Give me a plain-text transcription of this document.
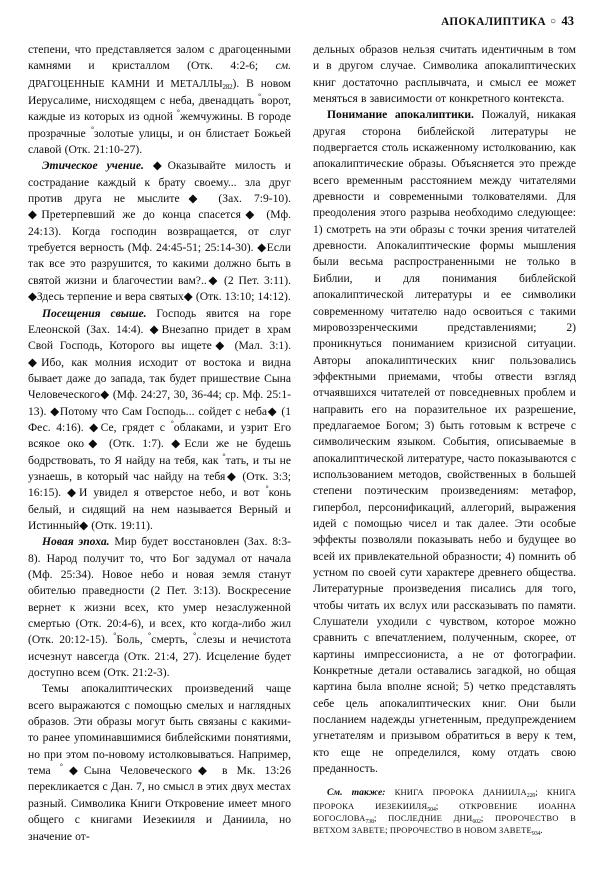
АПОКАЛИПТИКА ○ 43

степени, что представляется залом с драгоценными камнями и кристаллом (Отк. 4:2-6; см. ДРАГОЦЕННЫЕ КАМНИ И $МЕТАЛЛЫ_{282}$). В новом Иерусалиме, нисходящем с неба, двенадцать °ворот, каждые из которых из одной °жемчужины. В городе прозрачные °золотые улицы, и он блистает Божьей славой (Отк. 21:10-27).

Этическое учение. ◆Оказывайте милость и сострадание каждый к брату своему... зла друг против друга не мыслите◆ (Зах. 7:9-10). ◆Претерпевший же до конца спасется◆ (Мф. 24:13). Когда господин возвращается, от слуг требуется верность (Мф. 24:45-51; 25:14-30). ◆Если так все это разрушится, то какими должно быть в святой жизни и благочестии вам?..◆ (2 Пет. 3:11). ◆Здесь терпение и вера святых◆ (Отк. 13:10; 14:12).

Посещения свыше. Господь явится на горе Елеонской (Зах. 14:4). ◆Внезапно придет в храм Свой Господь, Которого вы ищете◆ (Мал. 3:1). ◆Ибо, как молния исходит от востока и видна бывает даже до запада, так будет пришествие Сына Человеческого◆ (Мф. 24:27, 30, 36-44; ср. Мф. 25:1-13). ◆Потому что Сам Господь... сойдет с неба◆ (1 Фес. 4:16). ◆Се, грядет с °облаками, и узрит Его всякое око◆ (Отк. 1:7). ◆Если же не будешь бодрствовать, то Я найду на тебя, как °тать, и ты не узнаешь, в который час найду на тебя◆ (Отк. 3:3; 16:15). ◆И увидел я отверстое небо, и вот °конь белый, и сидящий на нем называется Верный и Истинный◆ (Отк. 19:11).

Новая эпоха. Мир будет восстановлен (Зах. 8:3-8). Народ получит то, что Бог задумал от начала (Мф. 25:34). Новое небо и новая земля станут обителью праведности (2 Пет. 3:13). Воскресение вернет к жизни всех, кто умер незаслуженной смертью (Отк. 20:4-6), и всех, кто когда-либо жил (Отк. 20:12-15). °Боль, °смерть, °слезы и нечистота исчезнут навсегда (Отк. 21:4, 27). Исцеление будет доступно всем (Отк. 21:2-3).

Темы апокалиптических произведений чаще всего выражаются с помощью смелых и наглядных образов. Эти образы могут быть связаны с какими-то ранее упоминавшимися библейскими понятиями, но при этом по-новому истолковываться. Например, тема °◆Сына Человеческого◆ в Мк. 13:26 перекликается с Дан. 7, но смысл в этих двух местах разный. Символика Книги Откровение имеет много общего с книгами Иезекииля и Даниила, но значение от-

дельных образов нельзя считать идентичным в том и в другом случае. Символика апокалиптических книг достаточно расплывчата, и смысл ее может меняться в зависимости от конкретного контекста.

Понимание апокалиптики. Пожалуй, никакая другая сторона библейской литературы не подвергается столь искаженному истолкованию, как апокалиптические образы. Объясняется это прежде всего временным расстоянием между читателями древности и современными толкователями. Для преодоления этого разрыва необходимо следующее: 1) смотреть на эти образы с точки зрения читателей древности. Апокалиптические формы мышления были весьма распространенными не только в Библии, и для понимания библейской апокалиптической литературы и ее символики современному читателю надо освоиться с такими мировоззренческими представлениями; 2) проникнуться пониманием кризисной ситуации. Авторы апокалиптических книг пользовались эффектными приемами, чтобы отвести взгляд отчаявшихся читателей от повседневных проблем и направить его на поразительное их разрешение, предлагаемое Богом; 3) быть готовым к встрече с символическим языком. События, описываемые в апокалиптической литературе, часто показываются с использованием методов, свойственных в большей степени поэтическим произведениям: метафор, гипербол, персонификаций, аллегорий, выражения идей с помощью чисел и так далее. Эти особые эффекты позволяли показывать небо и будущее во всей их привлекательной образности; 4) помнить об устном по своей сути характере древнего общества. Литературные произведения писались для того, чтобы читать их вслух или рассказывать по памяти. Слушатели уходили с чувством, которое можно сравнить с впечатлением, полученным, скорее, от картины импрессиониста, а не от фотографии. Конкретные детали оставались загадкой, но общая картина была вполне ясной; 5) четко представлять себе цель апокалиптических книг. Они были посланием надежды угнетенным, предупреждением угнетателям и призывом обратиться в веру к тем, кто еще не определился, кому отдать свою преданность.

См. также: КНИГА ПРОРОКА $ДАНИИЛА_{220}$; КНИГА ПРОРОКА $ИЕЗЕКИИЛЯ_{504}$; ОТКРОВЕНИЕ ИОАННА $БОГОСЛОВА_{738}$; ПОСЛЕДНИЕ $ДНИ_{602}$; ПРОРОЧЕСТВО В ВЕТХОМ ЗАВЕТЕ; ПРОРОЧЕСТВО В НОВОМ $ЗАВЕТЕ_{934}$.
